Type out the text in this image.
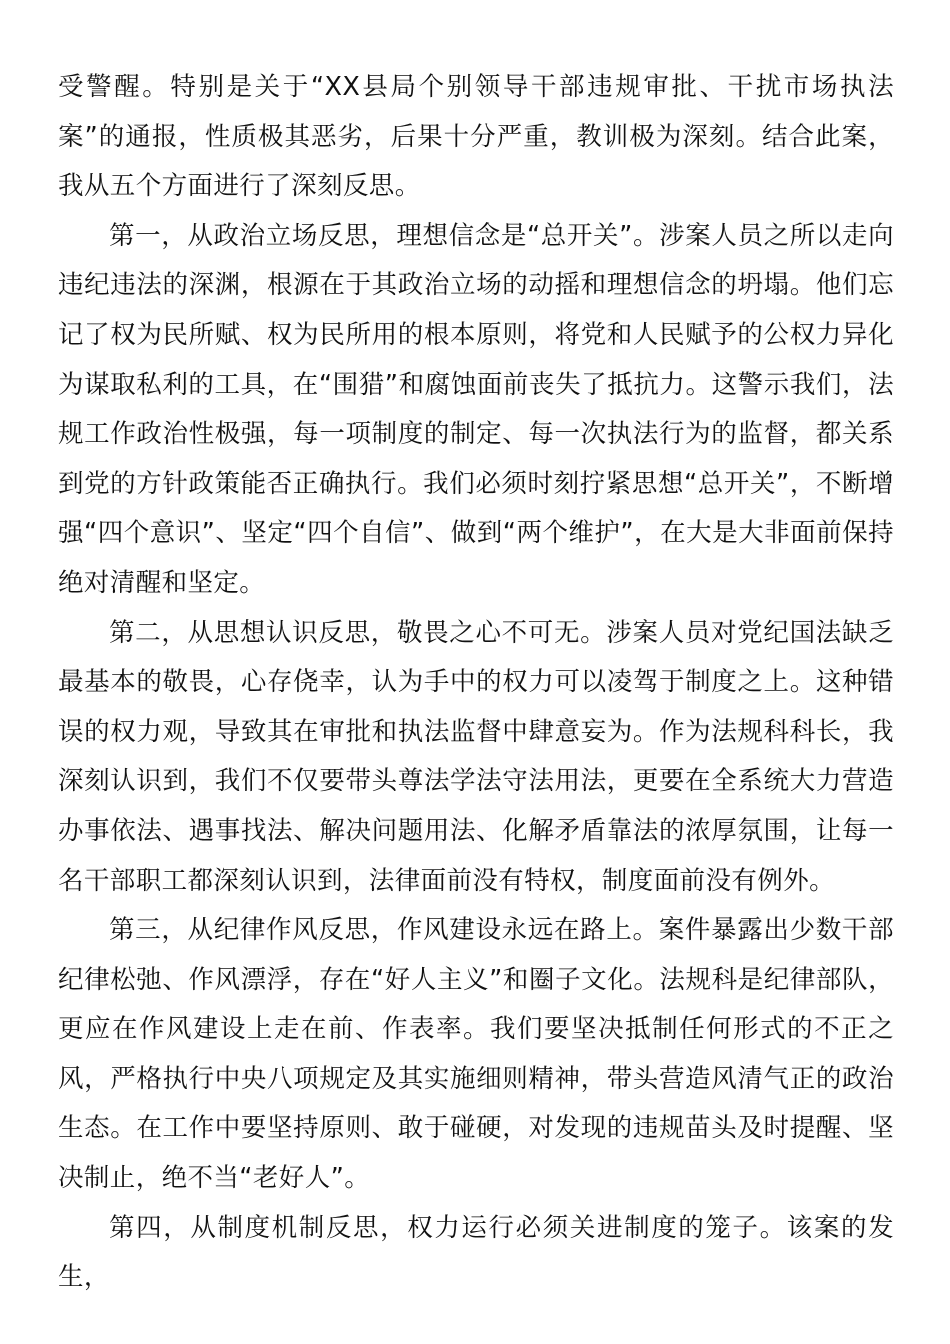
受警醒。特别是关于“XX县局个别领导干部违规审批、干扰市场执法案”的通报，性质极其恶劣，后果十分严重，教训极为深刻。结合此案，我从五个方面进行了深刻反思。

第一，从政治立场反思，理想信念是“总开关”。涉案人员之所以走向违纪违法的深渊，根源在于其政治立场的动摇和理想信念的坍塌。他们忘记了权为民所赋、权为民所用的根本原则，将党和人民赋予的公权力异化为谋取私利的工具，在“围猎”和腐蚀面前丧失了抵抗力。这警示我们，法规工作政治性极强，每一项制度的制定、每一次执法行为的监督，都关系到党的方针政策能否正确执行。我们必须时刻拧紧思想“总开关”，不断增强“四个意识”、坚定“四个自信”、做到“两个维护”，在大是大非面前保持绝对清醒和坚定。

第二，从思想认识反思，敬畏之心不可无。涉案人员对党纪国法缺乏最基本的敬畏，心存侥幸，认为手中的权力可以凌驾于制度之上。这种错误的权力观，导致其在审批和执法监督中肆意妄为。作为法规科科长，我深刻认识到，我们不仅要带头尊法学法守法用法，更要在全系统大力营造办事依法、遇事找法、解决问题用法、化解矛盾靠法的浓厚氛围，让每一名干部职工都深刻认识到，法律面前没有特权，制度面前没有例外。

第三，从纪律作风反思，作风建设永远在路上。案件暴露出少数干部纪律松弛、作风漂浮，存在“好人主义”和圈子文化。法规科是纪律部队，更应在作风建设上走在前、作表率。我们要坚决抵制任何形式的不正之风，严格执行中央八项规定及其实施细则精神，带头营造风清气正的政治生态。在工作中要坚持原则、敢于碰硬，对发现的违规苗头及时提醒、坚决制止，绝不当“老好人”。

第四，从制度机制反思，权力运行必须关进制度的笼子。该案的发生，
